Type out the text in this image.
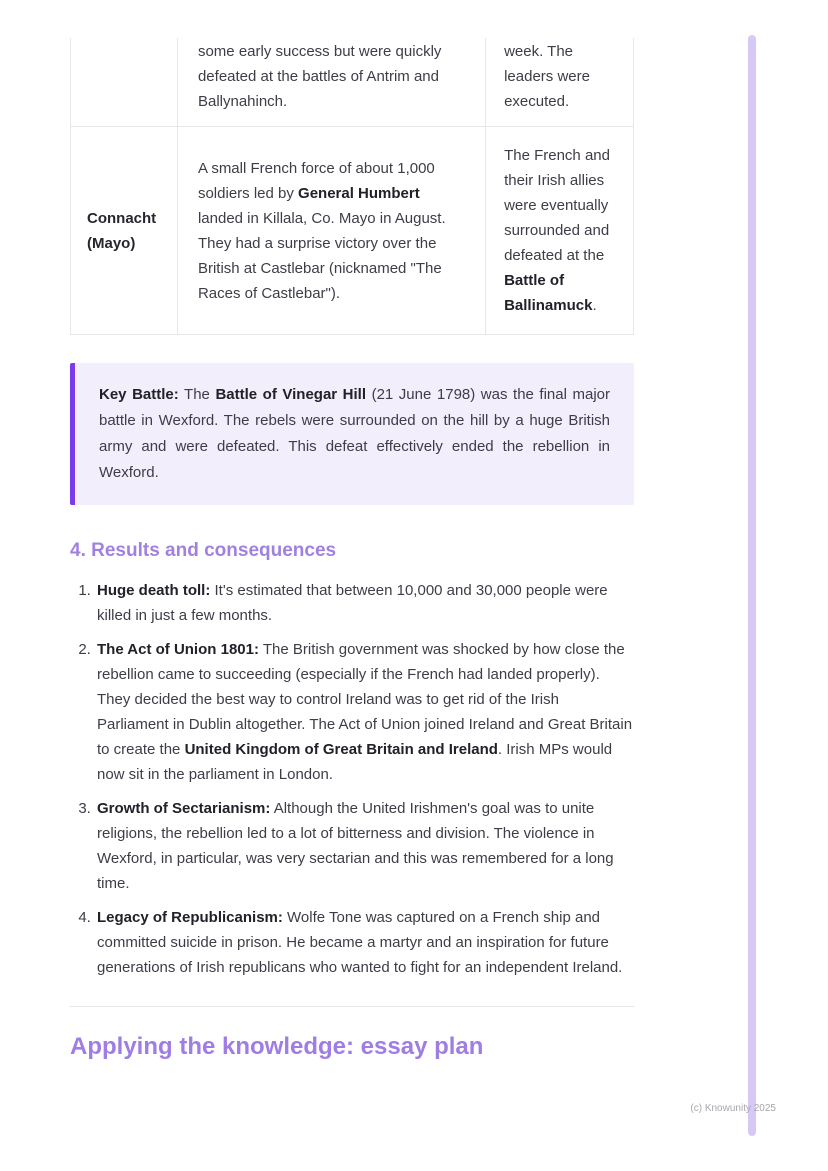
	some early success but were quickly defeated at the battles of Antrim and Ballynahinch.	week. The leaders were executed.
Connacht (Mayo)	A small French force of about 1,000 soldiers led by General Humbert landed in Killala, Co. Mayo in August. They had a surprise victory over the British at Castlebar (nicknamed "The Races of Castlebar").	The French and their Irish allies were eventually surrounded and defeated at the Battle of Ballinamuck.
Key Battle: The Battle of Vinegar Hill (21 June 1798) was the final major battle in Wexford. The rebels were surrounded on the hill by a huge British army and were defeated. This defeat effectively ended the rebellion in Wexford.
4. Results and consequences
1. Huge death toll: It's estimated that between 10,000 and 30,000 people were killed in just a few months.
2. The Act of Union 1801: The British government was shocked by how close the rebellion came to succeeding (especially if the French had landed properly). They decided the best way to control Ireland was to get rid of the Irish Parliament in Dublin altogether. The Act of Union joined Ireland and Great Britain to create the United Kingdom of Great Britain and Ireland. Irish MPs would now sit in the parliament in London.
3. Growth of Sectarianism: Although the United Irishmen's goal was to unite religions, the rebellion led to a lot of bitterness and division. The violence in Wexford, in particular, was very sectarian and this was remembered for a long time.
4. Legacy of Republicanism: Wolfe Tone was captured on a French ship and committed suicide in prison. He became a martyr and an inspiration for future generations of Irish republicans who wanted to fight for an independent Ireland.
Applying the knowledge: essay plan
(c) Knowunity 2025
